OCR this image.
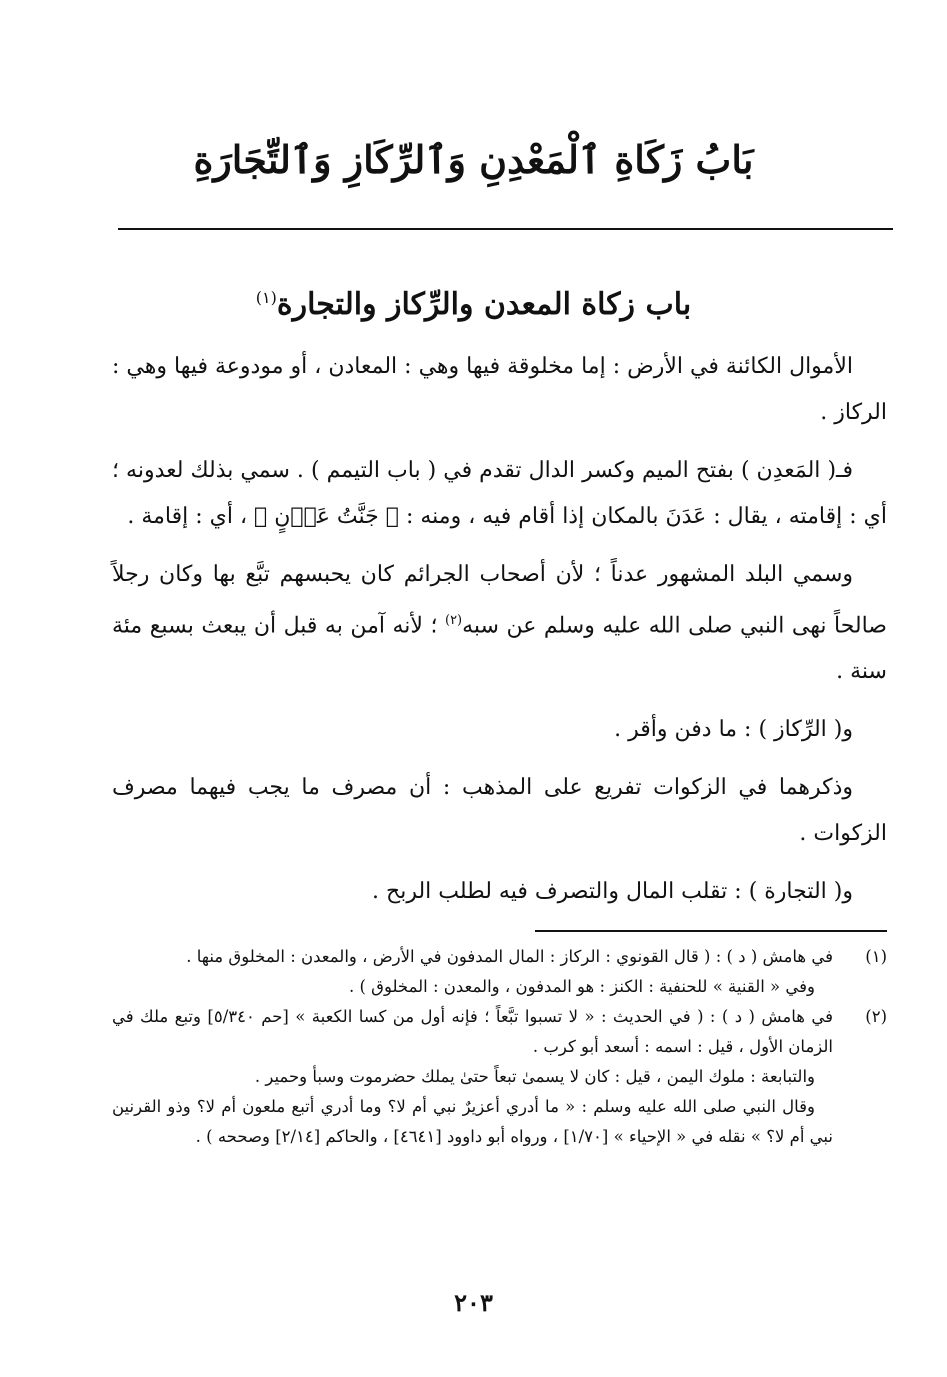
بَابُ زَكَاةِ ٱلْمَعْدِنِ وَٱلرِّكَازِ وَٱلتِّجَارَةِ
باب زكاة المعدن والرِّكاز والتجارة$^{(١)}$

الأموال الكائنة في الأرض : إما مخلوقة فيها وهي : المعادن ، أو مودوعة فيها وهي : الركاز .

فـ( المَعدِن ) بفتح الميم وكسر الدال تقدم في ( باب التيمم ) . سمي بذلك لعدونه ؛ أي : إقامته ، يقال : عَدَنَ بالمكان إذا أقام فيه ، ومنه : ﴿ جَنَّتُ عَدۡنٍ ﴾ ، أي : إقامة .

وسمي البلد المشهور عدناً ؛ لأن أصحاب الجرائم كان يحبسهم تبَّع بها وكان رجلاً صالحاً نهى النبي صلى الله عليه وسلم عن سبه$^{(٢)}$ ؛ لأنه آمن به قبل أن يبعث بسبع مئة سنة .

و( الرِّكاز ) : ما دفن وأقر .

وذكرهما في الزكوات تفريع على المذهب : أن مصرف ما يجب فيهما مصرف الزكوات .

و( التجارة ) : تقلب المال والتصرف فيه لطلب الربح .

(١)

في هامش ( د ) : ( قال القونوي : الركاز : المال المدفون في الأرض ، والمعدن : المخلوق منها .

وفي « القنية » للحنفية : الكنز : هو المدفون ، والمعدن : المخلوق ) .

(٢)

في هامش ( د ) : ( في الحديث : « لا تسبوا تبَّعاً ؛ فإنه أول من كسا الكعبة » [حم ٥/٣٤٠] وتبع ملك في الزمان الأول ، قيل : اسمه : أسعد أبو كرب .

والتبابعة : ملوك اليمن ، قيل : كان لا يسمىٰ تبعاً حتىٰ يملك حضرموت وسبأ وحمير .

وقال النبي صلى الله عليه وسلم : « ما أدري أعزيرٌ نبي أم لا؟ وما أدري أتبع ملعون أم لا؟ وذو القرنين نبي أم لا؟ » نقله في « الإحياء » [١/٧٠] ، ورواه أبو داوود [٤٦٤١] ، والحاكم [٢/١٤] وصححه ) .

٢٠٣
